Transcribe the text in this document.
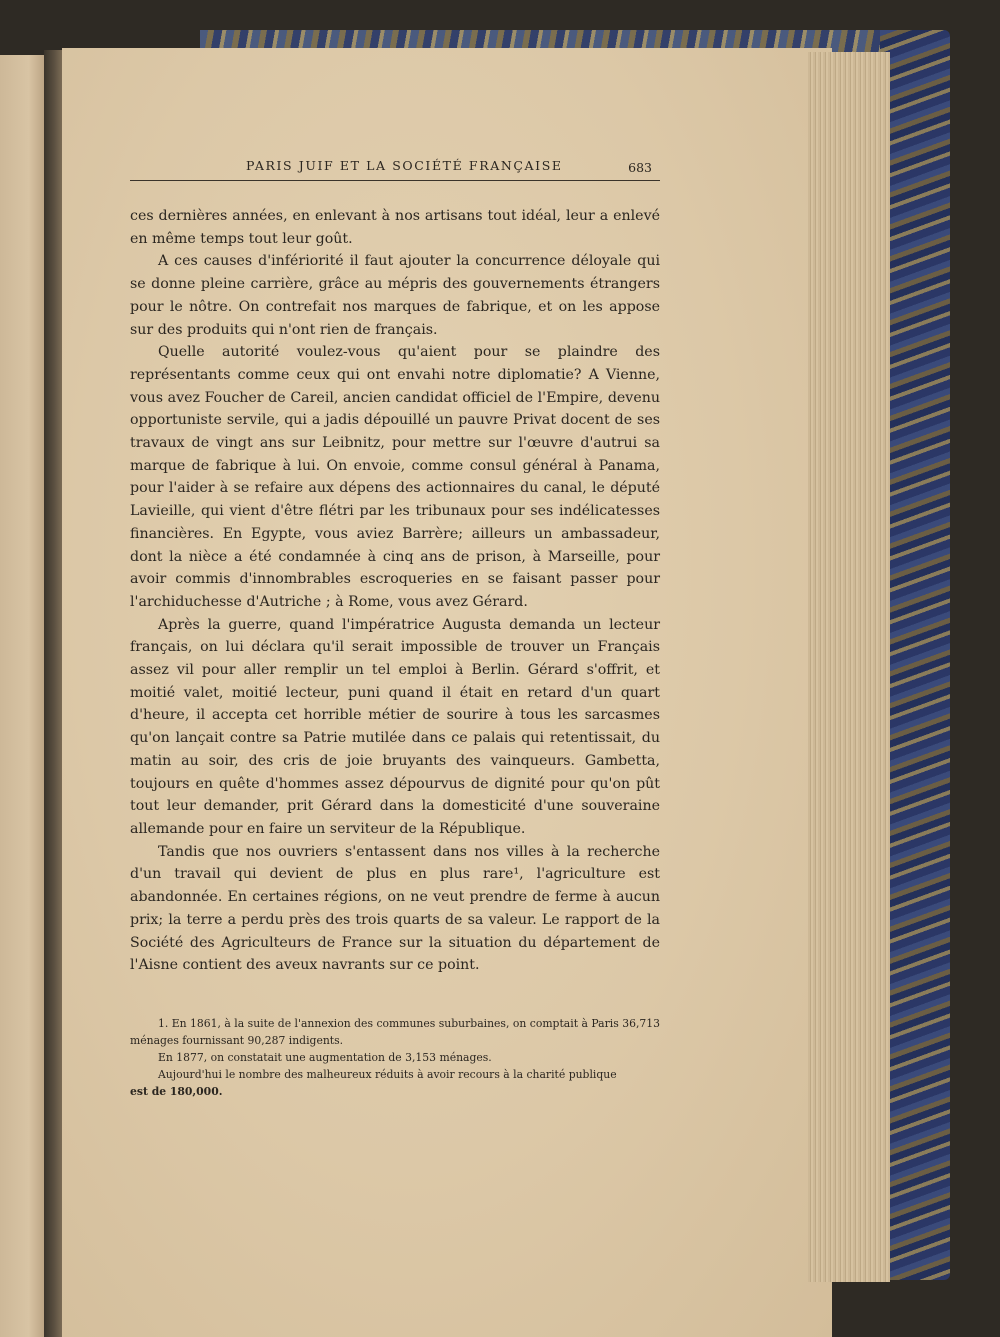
PARIS JUIF ET LA SOCIÉTÉ FRANÇAISE	683

ces dernières années, en enlevant à nos artisans tout idéal, leur a enlevé en même temps tout leur goût.

A ces causes d'infériorité il faut ajouter la concurrence déloyale qui se donne pleine carrière, grâce au mépris des gouvernements étrangers pour le nôtre. On contrefait nos marques de fabrique, et on les appose sur des produits qui n'ont rien de français.

Quelle autorité voulez-vous qu'aient pour se plaindre des représentants comme ceux qui ont envahi notre diplomatie? A Vienne, vous avez Foucher de Careil, ancien candidat officiel de l'Empire, devenu opportuniste servile, qui a jadis dépouillé un pauvre Privat docent de ses travaux de vingt ans sur Leibnitz, pour mettre sur l'œuvre d'autrui sa marque de fabrique à lui. On envoie, comme consul général à Panama, pour l'aider à se refaire aux dépens des actionnaires du canal, le député Lavieille, qui vient d'être flétri par les tribunaux pour ses indélicatesses financières. En Egypte, vous aviez Barrère; ailleurs un ambassadeur, dont la nièce a été condamnée à cinq ans de prison, à Marseille, pour avoir commis d'innombrables escroqueries en se faisant passer pour l'archiduchesse d'Autriche ; à Rome, vous avez Gérard.

Après la guerre, quand l'impératrice Augusta demanda un lecteur français, on lui déclara qu'il serait impossible de trouver un Français assez vil pour aller remplir un tel emploi à Berlin. Gérard s'offrit, et moitié valet, moitié lecteur, puni quand il était en retard d'un quart d'heure, il accepta cet horrible métier de sourire à tous les sarcasmes qu'on lançait contre sa Patrie mutilée dans ce palais qui retentissait, du matin au soir, des cris de joie bruyants des vainqueurs. Gambetta, toujours en quête d'hommes assez dépourvus de dignité pour qu'on pût tout leur demander, prit Gérard dans la domesticité d'une souveraine allemande pour en faire un serviteur de la République.

Tandis que nos ouvriers s'entassent dans nos villes à la recherche d'un travail qui devient de plus en plus rare¹, l'agriculture est abandonnée. En certaines régions, on ne veut prendre de ferme à aucun prix; la terre a perdu près des trois quarts de sa valeur. Le rapport de la Société des Agriculteurs de France sur la situation du département de l'Aisne contient des aveux navrants sur ce point.

1. En 1861, à la suite de l'annexion des communes suburbaines, on comptait à Paris 36,713 ménages fournissant 90,287 indigents.

En 1877, on constatait une augmentation de 3,153 ménages.

Aujourd'hui le nombre des malheureux réduits à avoir recours à la charité publique

est de 180,000.
